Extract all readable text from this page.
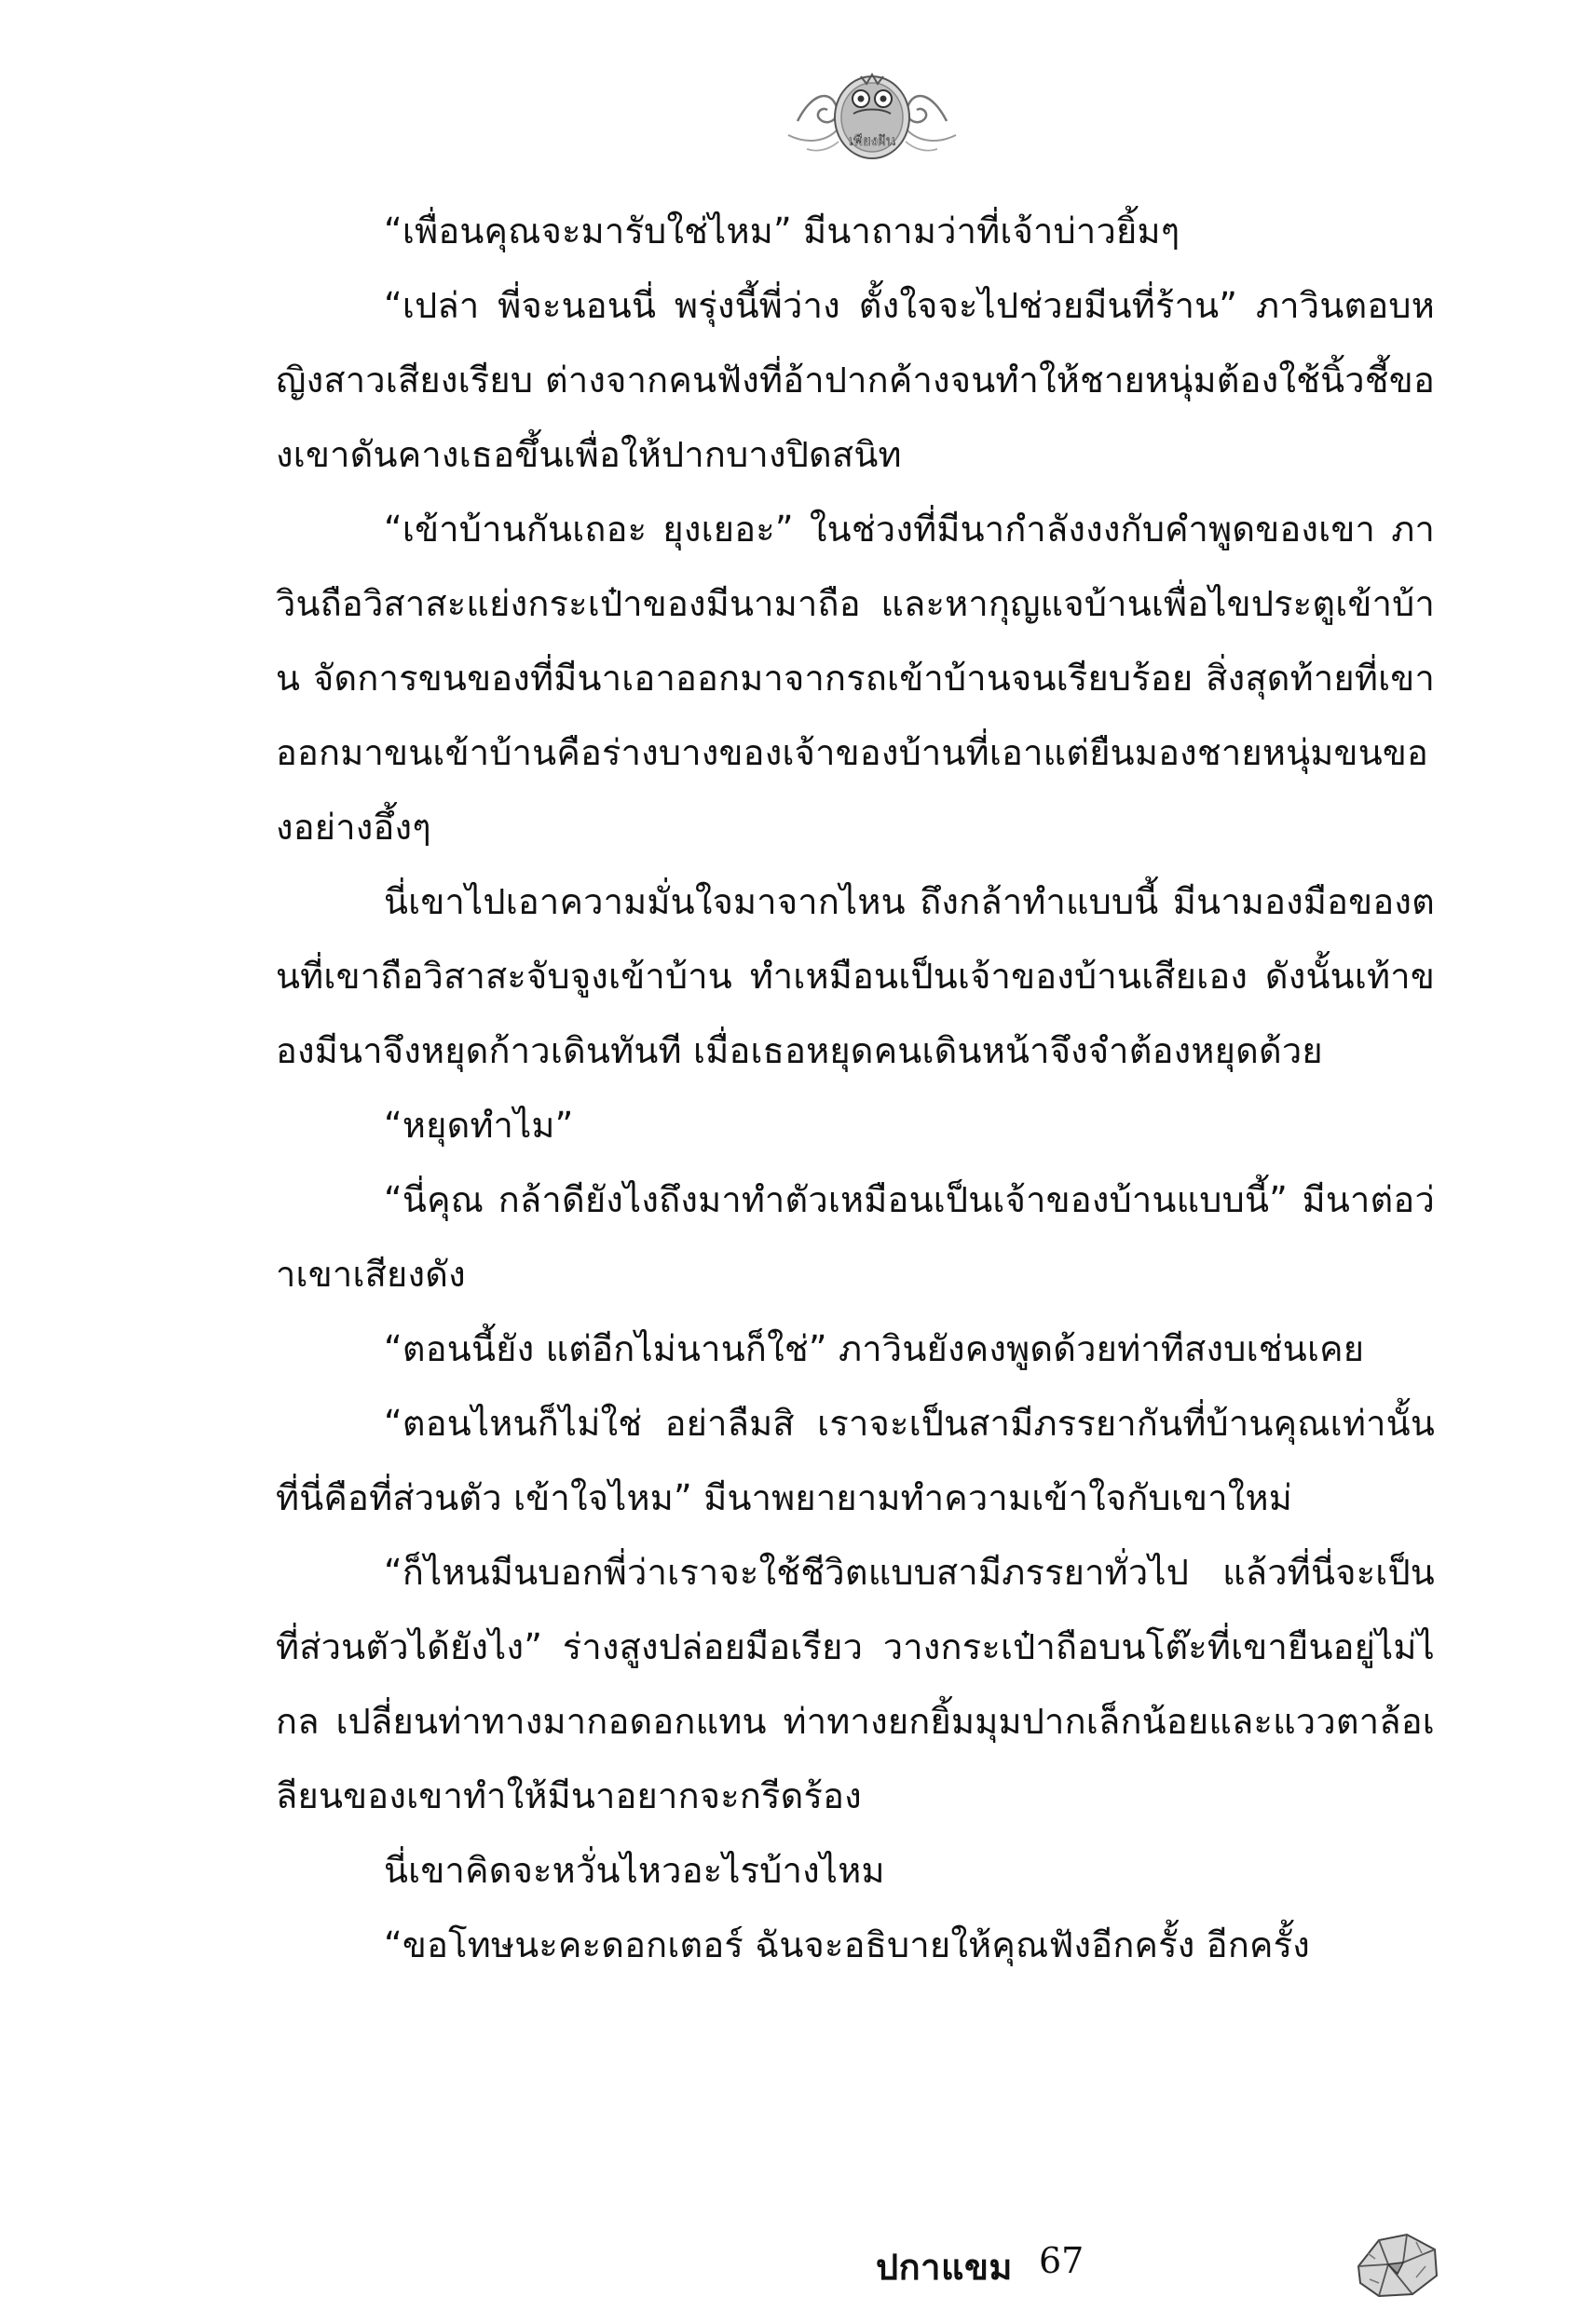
เพียงฝัน

“เพื่อนคุณจะมารับใช่ไหม” มีนาถามว่าที่เจ้าบ่าวยิ้มๆ

“เปล่า พี่จะนอนนี่ พรุ่งนี้พี่ว่าง ตั้งใจจะไปช่วยมีนที่ร้าน” ภาวินตอบหญิงสาวเสียงเรียบ ต่างจากคนฟังที่อ้าปากค้างจนทำให้ชายหนุ่มต้องใช้นิ้วชี้ของเขาดันคางเธอขึ้นเพื่อให้ปากบางปิดสนิท

“เข้าบ้านกันเถอะ ยุงเยอะ” ในช่วงที่มีนากำลังงงกับคำพูดของเขา ภาวินถือวิสาสะแย่งกระเป๋าของมีนามาถือ และหากุญแจบ้านเพื่อไขประตูเข้าบ้าน จัดการขนของที่มีนาเอาออกมาจากรถเข้าบ้านจนเรียบร้อย สิ่งสุดท้ายที่เขาออกมาขนเข้าบ้านคือร่างบางของเจ้าของบ้านที่เอาแต่ยืนมองชายหนุ่มขนของอย่างอึ้งๆ

นี่เขาไปเอาความมั่นใจมาจากไหน ถึงกล้าทำแบบนี้ มีนามองมือของตนที่เขาถือวิสาสะจับจูงเข้าบ้าน ทำเหมือนเป็นเจ้าของบ้านเสียเอง ดังนั้นเท้าของมีนาจึงหยุดก้าวเดินทันที เมื่อเธอหยุดคนเดินหน้าจึงจำต้องหยุดด้วย

“หยุดทำไม”

“นี่คุณ กล้าดียังไงถึงมาทำตัวเหมือนเป็นเจ้าของบ้านแบบนี้” มีนาต่อว่าเขาเสียงดัง

“ตอนนี้ยัง แต่อีกไม่นานก็ใช่” ภาวินยังคงพูดด้วยท่าทีสงบเช่นเคย

“ตอนไหนก็ไม่ใช่ อย่าลืมสิ เราจะเป็นสามีภรรยากันที่บ้านคุณเท่านั้น ที่นี่คือที่ส่วนตัว เข้าใจไหม” มีนาพยายามทำความเข้าใจกับเขาใหม่

“ก็ไหนมีนบอกพี่ว่าเราจะใช้ชีวิตแบบสามีภรรยาทั่วไป แล้วที่นี่จะเป็นที่ส่วนตัวได้ยังไง” ร่างสูงปล่อยมือเรียว วางกระเป๋าถือบนโต๊ะที่เขายืนอยู่ไม่ไกล เปลี่ยนท่าทางมากอดอกแทน ท่าทางยกยิ้มมุมปากเล็กน้อยและแววตาล้อเลียนของเขาทำให้มีนาอยากจะกรีดร้อง

นี่เขาคิดจะหวั่นไหวอะไรบ้างไหม

“ขอโทษนะคะดอกเตอร์ ฉันจะอธิบายให้คุณฟังอีกครั้ง อีกครั้ง

ปกาแขม 67
